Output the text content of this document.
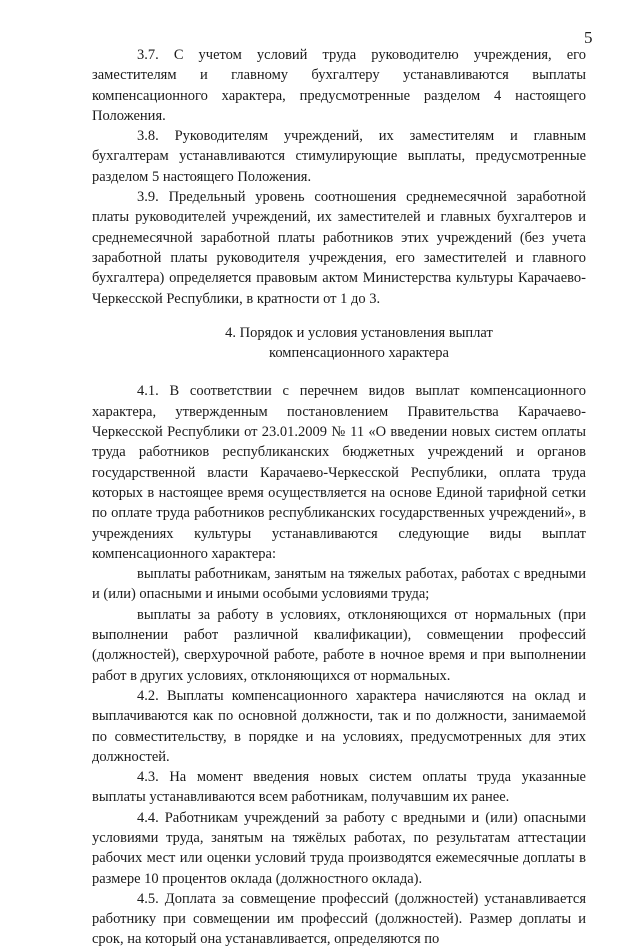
5

3.7. С учетом условий труда руководителю учреждения, его заместителям и главному бухгалтеру устанавливаются выплаты компенсационного характера, предусмотренные разделом 4 настоящего Положения.

3.8. Руководителям учреждений, их заместителям и главным бухгалтерам устанавливаются стимулирующие выплаты, предусмотренные разделом 5 настоящего Положения.

3.9. Предельный уровень соотношения среднемесячной заработной платы руководителей учреждений, их заместителей и главных бухгалтеров и среднемесячной заработной платы работников этих учреждений (без учета заработной платы руководителя учреждения, его заместителей и главного бухгалтера) определяется правовым актом Министерства культуры Карачаево-Черкесской Республики, в кратности от 1 до 3.

4. Порядок и условия установления выплат
компенсационного характера

4.1. В соответствии с перечнем видов выплат компенсационного характера, утвержденным постановлением Правительства Карачаево-Черкесской Республики от 23.01.2009 № 11 «О введении новых систем оплаты труда работников республиканских бюджетных учреждений и органов государственной власти Карачаево-Черкесской Республики, оплата труда которых в настоящее время осуществляется на основе Единой тарифной сетки по оплате труда работников республиканских государственных учреждений», в учреждениях культуры устанавливаются следующие виды выплат компенсационного характера:

выплаты работникам, занятым на тяжелых работах, работах с вредными и (или) опасными и иными особыми условиями труда;

выплаты за работу в условиях, отклоняющихся от нормальных (при выполнении работ различной квалификации), совмещении профессий (должностей), сверхурочной работе, работе в ночное время и при выполнении работ в других условиях, отклоняющихся от нормальных.

4.2. Выплаты компенсационного характера начисляются на оклад и выплачиваются как по основной должности, так и по должности, занимаемой по совместительству, в порядке и на условиях, предусмотренных для этих должностей.

4.3. На момент введения новых систем оплаты труда указанные выплаты устанавливаются всем работникам, получавшим их ранее.

4.4. Работникам учреждений за работу с вредными и (или) опасными условиями труда, занятым на тяжёлых работах, по результатам аттестации рабочих мест или оценки условий труда производятся ежемесячные доплаты в размере 10 процентов оклада (должностного оклада).

4.5. Доплата за совмещение профессий (должностей) устанавливается работнику при совмещении им профессий (должностей). Размер доплаты и срок, на который она устанавливается, определяются по
